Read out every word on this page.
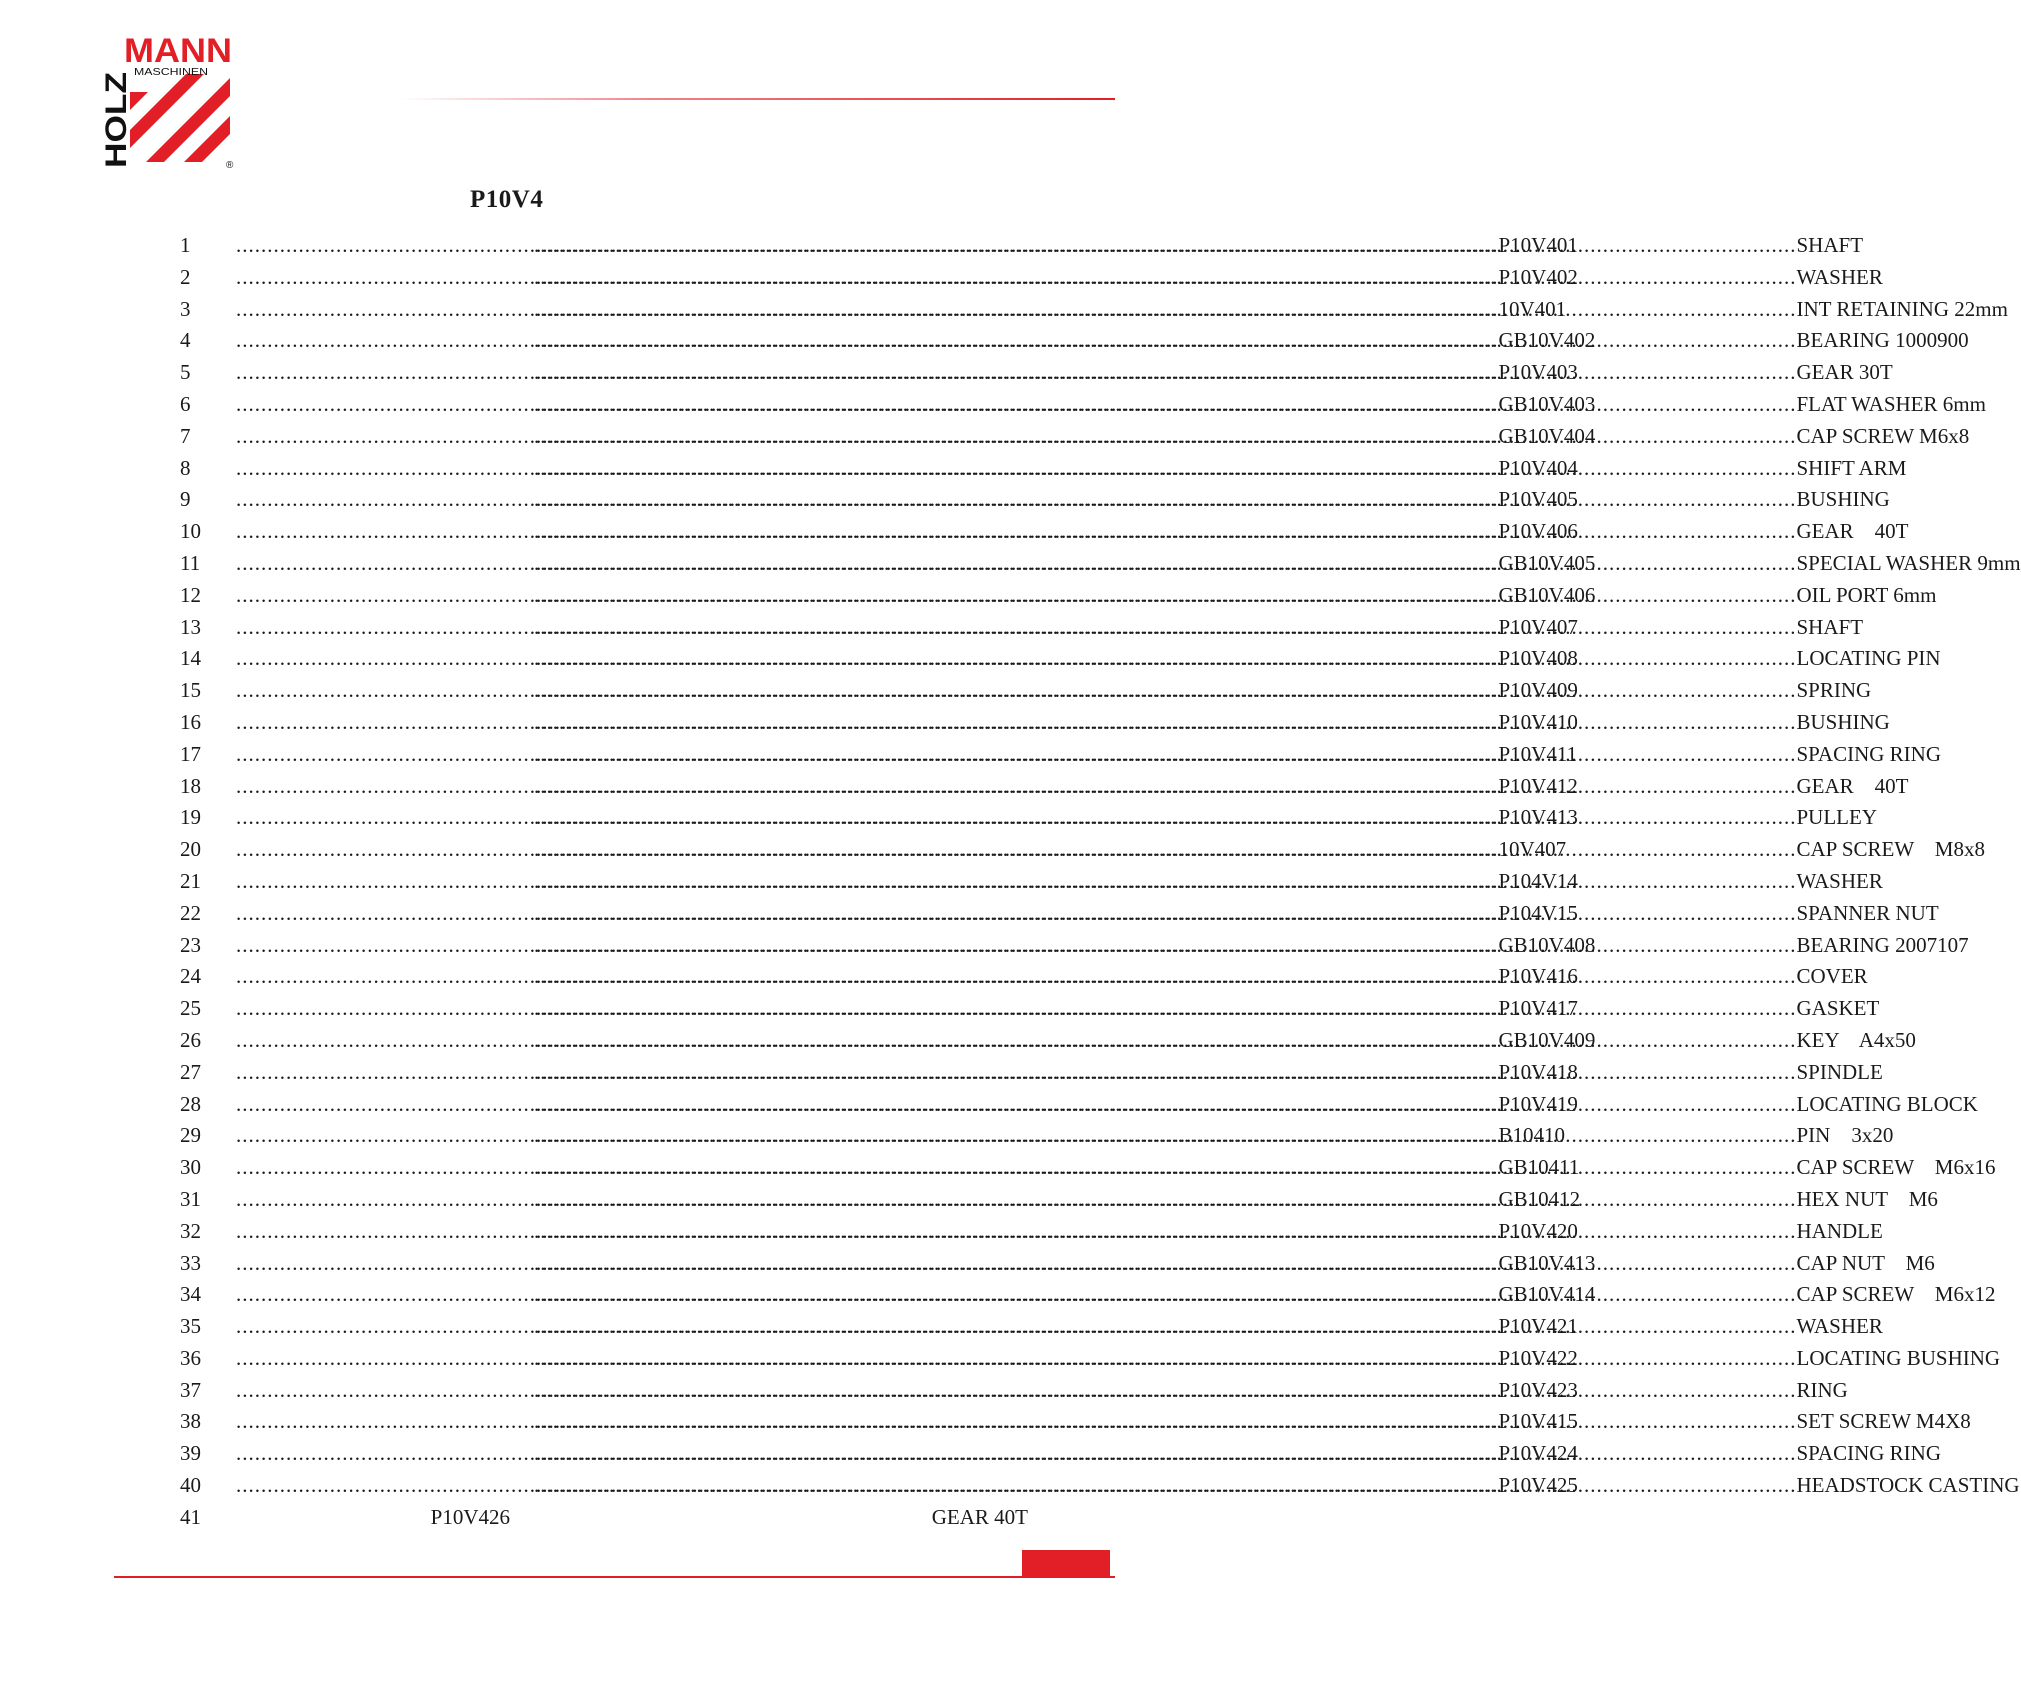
MANN
MASCHINEN
HOLZ	®
P10V4
1 .....	P10V401 .....	SHAFT
2 .....	P10V402 .....	WASHER
3 .....	10V401 .....	INT RETAINING 22mm
4 .....	GB10V402 .....	BEARING 1000900
5 .....	P10V403 .....	GEAR 30T
6 .....	GB10V403 .....	FLAT WASHER 6mm
7 .....	GB10V404 .....	CAP SCREW M6x8
8 .....	P10V404 .....	SHIFT ARM
9 .....	P10V405 .....	BUSHING
10 .....	P10V406 .....	GEAR    40T
11 .....	GB10V405 .....	SPECIAL WASHER 9mm
12 .....	GB10V406 .....	OIL PORT 6mm
13 .....	P10V407 .....	SHAFT
14 .....	P10V408 .....	LOCATING PIN
15 .....	P10V409 .....	SPRING
16 .....	P10V410 .....	BUSHING
17 .....	P10V411 .....	SPACING RING
18 .....	P10V412 .....	GEAR    40T
19 .....	P10V413 .....	PULLEY
20 .....	10V407 .....	CAP SCREW    M8x8
21 .....	P104V14 .....	WASHER
22 .....	P104V15 .....	SPANNER NUT
23 .....	GB10V408 .....	BEARING 2007107
24 .....	P10V416 .....	COVER
25 .....	P10V417 .....	GASKET
26 .....	GB10V409 .....	KEY    A4x50
27 .....	P10V418 .....	SPINDLE
28 .....	P10V419 .....	LOCATING BLOCK
29 .....	B10410 .....	PIN    3x20
30 .....	GB10411 .....	CAP SCREW    M6x16
31 .....	GB10412 .....	HEX NUT    M6
32 .....	P10V420 .....	HANDLE
33 .....	GB10V413 .....	CAP NUT    M6
34 .....	GB10V414 .....	CAP SCREW    M6x12
35 .....	P10V421 .....	WASHER
36 .....	P10V422 .....	LOCATING BUSHING
37 .....	P10V423 .....	RING
38 .....	P10V415 .....	SET SCREW M4X8
39 .....	P10V424 .....	SPACING RING
40 .....	P10V425 .....	HEADSTOCK CASTING
41	P10V426	GEAR 40T
